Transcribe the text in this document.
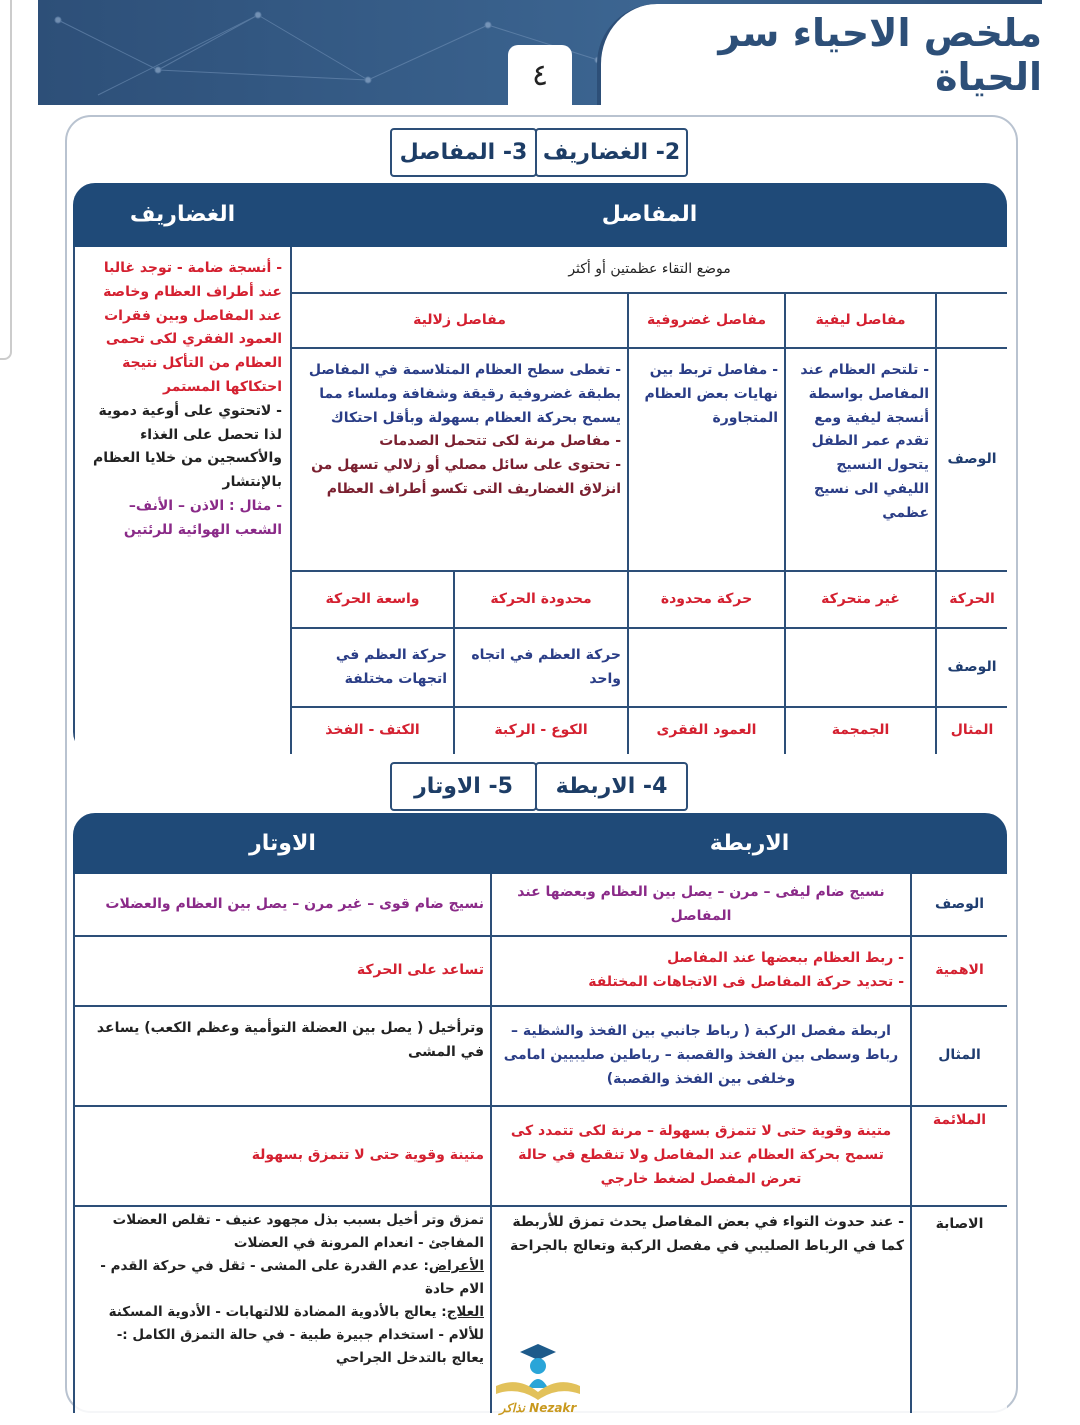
٤
ملخص الاحياء سر الحياة
2- الغضاريف
3- المفاصل
المفاصل					الغضاريف
موضع التقاء عظمتين أو أكثر					- أنسجة ضامة - توجد غالبا عند أطراف العظام وخاصة عند المفاصل وبين فقرات العمود الفقري لكى تحمى العظام من التأكل نتيجة احتكاكها المستمر
- لاتحتوي على أوعية دموية لذا تحصل على الغذاء والأكسجين من خلايا العظام بالإنتشار
- مثال : الاذن – الأنف– الشعب الهوائية للرئتين

	مفاصل ليفية	مفاصل غضروفية	مفاصل زلالية		
الوصف	- تلتحم العظام عند المفاصل بواسطة أنسجة ليفية ومع تقدم عمر الطفل يتحول النسيج الليفي الى نسيج عظمي	- مفاصل تربط بين نهايات بعض العظام المتجاورة	- تغطى سطح العظام المتلاسمة في المفاصل بطبقة غضروفية رقيقة وشفافة وملساء مما يسمح بحركة العظام بسهولة وبأقل احتكاك
- مفاصل مرنة لكى تتحمل الصدمات
- تحتوى على سائل مصلي أو زلالي تسهل من انزلاق الغضاريف التى تكسو أطراف العظام		

الحركة	غير متحركة	حركة محدودة	محدودة الحركة	واسعة الحركة	
الوصف			حركة العظم في اتجاه واحد	حركة العظم في اتجهات مختلفة	
المثال	الجمجمة	العمود الفقرى	الكوع - الركبة	الكتف - الفخذ	
4- الاربطة
5- الاوتار
الاربطة		الاوتار
الوصف	نسيج ضام ليفى – مرن – يصل بين العظام وبعضها عند المفاصل	نسيج ضام قوى – غير مرن – يصل بين العظام والعضلات
الاهمية	- ربط العظام ببعضها عند المفاصل
- تحديد حركة المفاصل فى الاتجاهات المختلفة	تساعد على الحركة
المثال	اربطة مفصل الركبة ( رباط جانبي بين الفخذ والشظية – رباط وسطى بين الفخذ والقصبة – رباطين صليبيين امامى وخلفى بين الفخذ والقصبة)	وترأخيل ( يصل بين العضلة التوأمية وعظم الكعب) يساعد في المشى
الملائمة	متينة وقوية حتى لا تتمزق بسهولة – مرنة لكى تتمدد كى تسمح بحركة العظام عند المفاصل ولا تنقطع في حالة تعرض المفصل لضغط خارجي	متينة وقوية حتى لا تتمزق بسهولة
الاصابة	- عند حدوث التواء في بعض المفاصل يحدث تمزق للأربطة كما في الرباط الصليبي في مفصل الركبة وتعالج بالجراحة	تمزق وتر أخيل بسبب بذل مجهود عنيف - تقلص العضلات المفاجئ - انعدام المرونة في العضلات
الأعراض: عدم القدرة على المشى - ثقل في حركة القدم - الام حادة
العلاج: يعالج بالأدوية المضادة للالتهابات - الأدوية المسكنة للألام - استخدام جبيرة طبية - في حالة التمزق الكامل :- يعالج بالتدخل الجراحي
Nezakr نذاكر
